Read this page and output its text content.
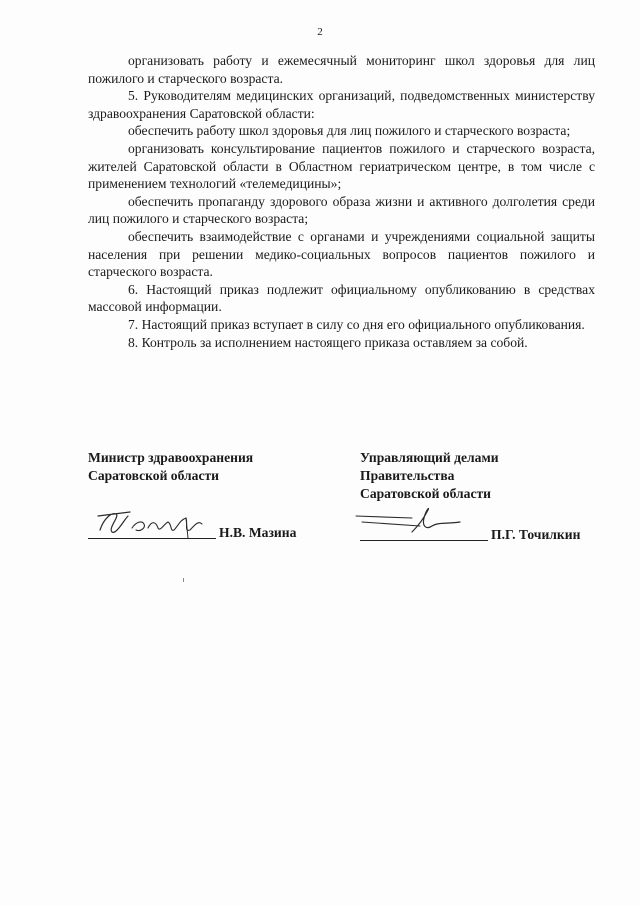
2

организовать работу и ежемесячный мониторинг школ здоровья для лиц пожилого и старческого возраста.

5. Руководителям медицинских организаций, подведомственных министерству здравоохранения Саратовской области:

обеспечить работу школ здоровья для лиц пожилого и старческого возраста;

организовать консультирование пациентов пожилого и старческого возраста, жителей Саратовской области в Областном гериатрическом центре, в том числе с применением технологий «телемедицины»;

обеспечить пропаганду здорового образа жизни и активного долголетия среди лиц пожилого и старческого возраста;

обеспечить взаимодействие с органами и учреждениями социальной защиты населения при решении медико-социальных вопросов пациентов пожилого и старческого возраста.

6. Настоящий приказ подлежит официальному опубликованию в средствах массовой информации.

7. Настоящий приказ вступает в силу со дня его официального опубликования.

8. Контроль за исполнением настоящего приказа оставляем за собой.

Министр здравоохранения
Саратовской области
Н.В. Мазина
Управляющий делами
Правительства
Саратовской области
П.Г. Точилкин
